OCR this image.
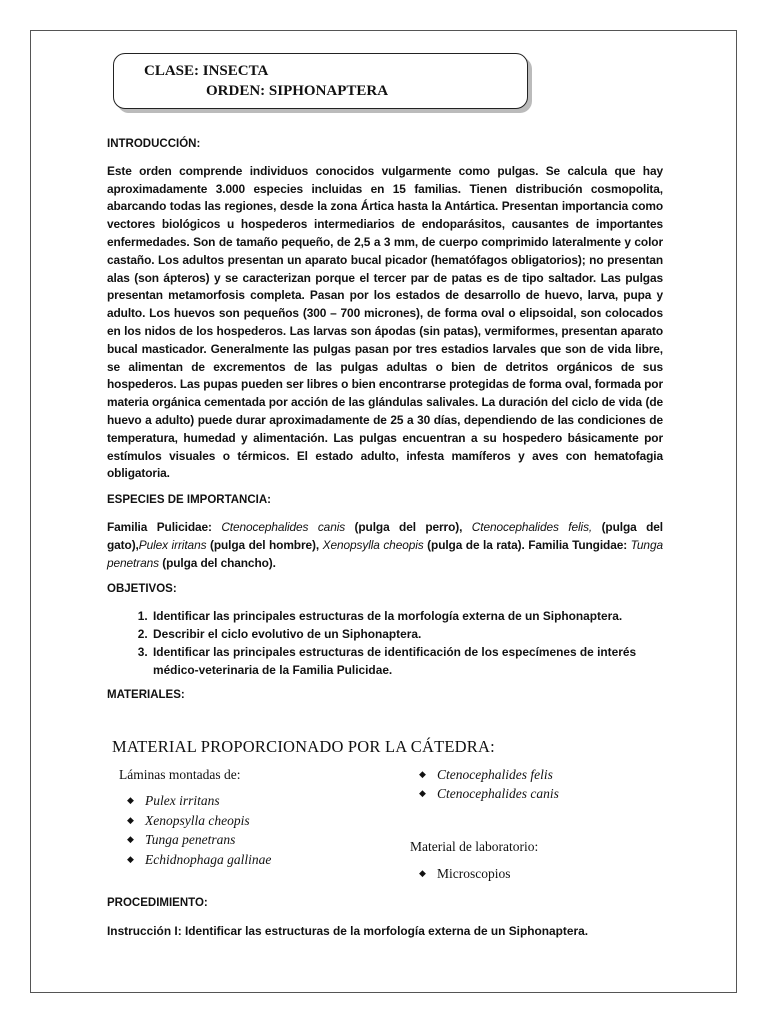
CLASE: INSECTA
ORDEN: SIPHONAPTERA
INTRODUCCIÓN:

Este orden comprende individuos conocidos vulgarmente como pulgas. Se calcula que hay aproximadamente 3.000 especies incluidas en 15 familias. Tienen distribución cosmopolita, abarcando todas las regiones, desde la zona Ártica hasta la Antártica. Presentan importancia como vectores biológicos u hospederos intermediarios de endoparásitos, causantes de importantes enfermedades. Son de tamaño pequeño, de 2,5 a 3 mm, de cuerpo comprimido lateralmente y color castaño. Los adultos presentan un aparato bucal picador (hematófagos obligatorios); no presentan alas (son ápteros) y se caracterizan porque el tercer par de patas es de tipo saltador. Las pulgas presentan metamorfosis completa. Pasan por los estados de desarrollo de huevo, larva, pupa y adulto. Los huevos son pequeños (300 – 700 micrones), de forma oval o elipsoidal, son colocados en los nidos de los hospederos. Las larvas son ápodas (sin patas), vermiformes, presentan aparato bucal masticador. Generalmente las pulgas pasan por tres estadios larvales que son de vida libre, se alimentan de excrementos de las pulgas adultas o bien de detritos orgánicos de sus hospederos. Las pupas pueden ser libres o bien encontrarse protegidas de forma oval, formada por materia orgánica cementada por acción de las glándulas salivales. La duración del ciclo de vida (de huevo a adulto) puede durar aproximadamente de 25 a 30 días, dependiendo de las condiciones de temperatura, humedad y alimentación. Las pulgas encuentran a su hospedero básicamente por estímulos visuales o térmicos. El estado adulto, infesta mamíferos y aves con hematofagia obligatoria.

ESPECIES DE IMPORTANCIA:

Familia Pulicidae: Ctenocephalides canis (pulga del perro), Ctenocephalides felis, (pulga del gato),Pulex irritans (pulga del hombre), Xenopsylla cheopis (pulga de la rata). Familia Tungidae: Tunga penetrans (pulga del chancho).

OBJETIVOS:
1. Identificar las principales estructuras de la morfología externa de un Siphonaptera.
2. Describir el ciclo evolutivo de un Siphonaptera.
3. Identificar las principales estructuras de identificación de los especímenes de interés médico-veterinaria de la Familia Pulicidae.
MATERIALES:
MATERIAL PROPORCIONADO POR LA CÁTEDRA:
Láminas montadas de:
◆ Pulex irritans
◆ Xenopsylla cheopis
◆ Tunga penetrans
◆ Echidnophaga gallinae
◆ Ctenocephalides felis
◆ Ctenocephalides canis
Material de laboratorio:
◆ Microscopios
PROCEDIMIENTO:
Instrucción I: Identificar las estructuras de la morfología externa de un Siphonaptera.
